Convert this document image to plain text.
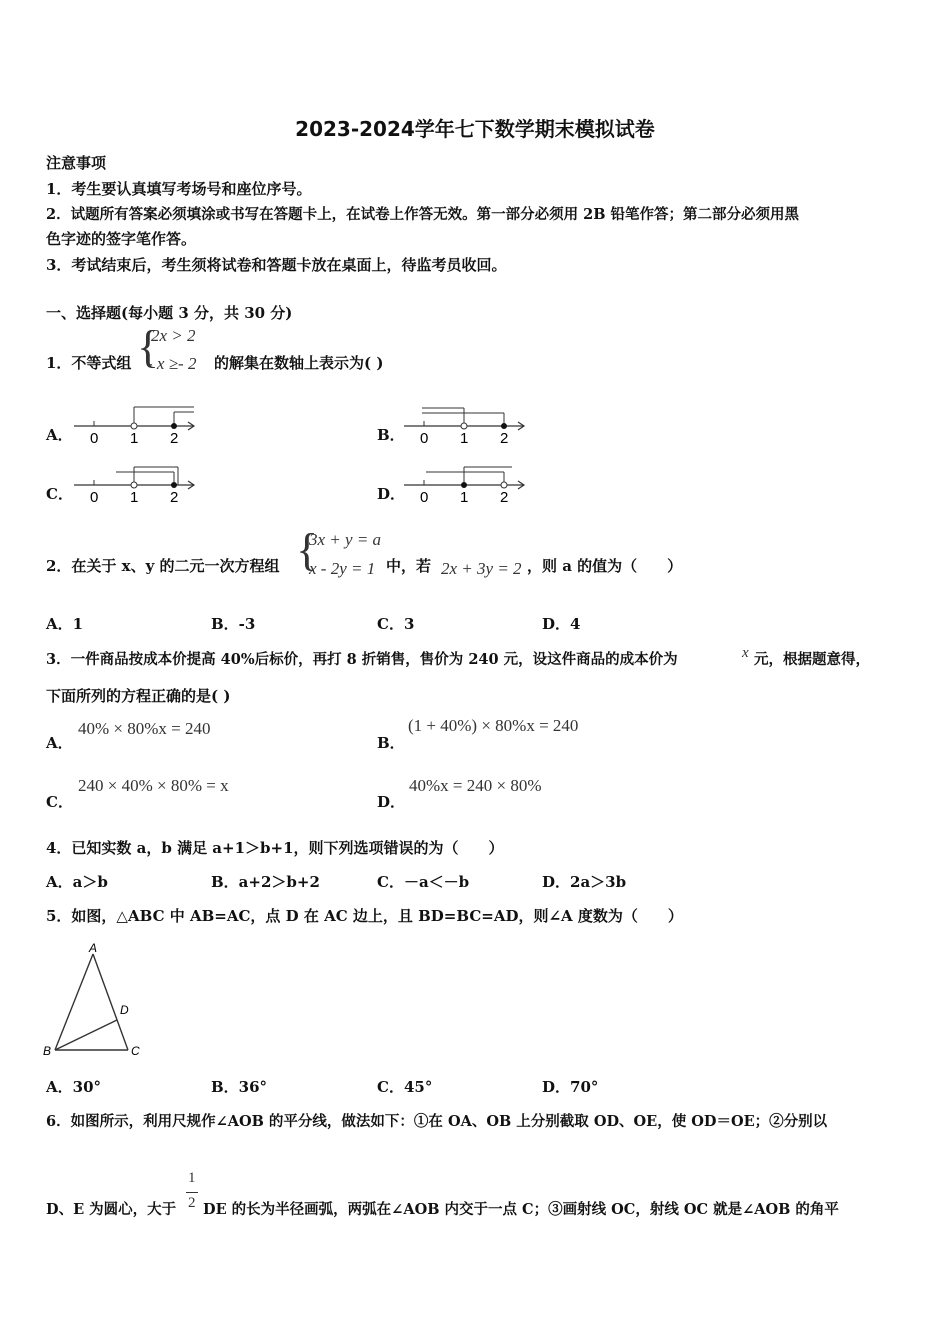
2023-2024学年七下数学期末模拟试卷
注意事项
1．考生要认真填写考场号和座位序号。
2．试题所有答案必须填涂或书写在答题卡上，在试卷上作答无效。第一部分必须用 2B 铅笔作答；第二部分必须用黑
色字迹的签字笔作答。
3．考试结束后，考生须将试卷和答题卡放在桌面上，待监考员收回。
一、选择题(每小题 3 分，共 30 分)
1．不等式组 {
2x > 2
- x ≥- 2 的解集在数轴上表示为( )
A． 0 1 2	B． 0 1 2
C． 0 1 2	D． 0 1 2
2．在关于 x、y 的二元一次方程组 {
3x + y = a
x - 2y = 1 中，若 2x + 3y = 2 ，则 a 的值为（　　）
A．1	B．-3	C．3	D．4
3．一件商品按成本价提高 40%后标价，再打 8 折销售，售价为 240 元，设这件商品的成本价为	x 元，根据题意得，
下面所列的方程正确的是( )
A．
40% × 80%x = 240
B．
(1 + 40%) × 80%x = 240
C．
240 × 40% × 80% = x
D．
40%x = 240 × 80%
4．已知实数 a，b 满足 a+1＞b+1，则下列选项错误的为（　　）
A．a＞b	B．a+2＞b+2	C．－a＜－b	D．2a＞3b
5．如图，△ABC 中 AB=AC，点 D 在 AC 边上，且 BD=BC=AD，则∠A 度数为（　　）
A
B	C
D
A．30°	B．36°	C．45°	D．70°
6．如图所示，利用尺规作∠AOB 的平分线，做法如下：①在 OA、OB 上分别截取 OD、OE，使 OD＝OE；②分别以
D、E 为圆心，大于
1
2 DE 的长为半径画弧，两弧在∠AOB 内交于一点 C；③画射线 OC，射线 OC 就是∠AOB 的角平
